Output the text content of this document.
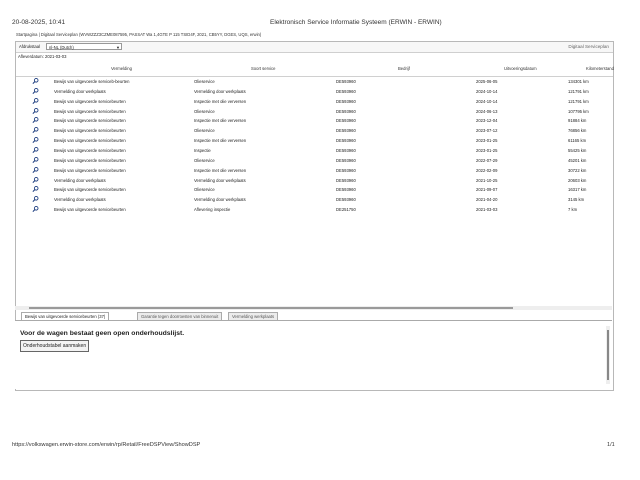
20-08-2025, 10:41	Elektronisch Service Informatie Systeem (ERWIN - ERWIN)
Startpagina | Digitaal Serviceplan (WVWZZZ3CZME087595, PASSAT Wa 1,4GTE P 115 TSID4F, 2021, CB5YY, DGES, UQS, erwin)
Afdrukstaal	nl-NL (Dutch)	▼	Digitaal Serviceplan
Afleverdatum: 2021-03-03
Vermelding	Soort service	Bedrijf	Uitvoeringsdatum	Kilometerstand
Bewijs van uitgevoerde serviceb-beurten	Olieservice	DE593960	2025-06-05	134301 km
Vermelding door werkplaats	Vermelding door werkplaats	DE593960	2024-10-14	121791 km
Bewijs van uitgevoerde servicebeurten	Inspectie met olie verversen	DE593960	2024-10-14	121791 km
Bewijs van uitgevoerde servicebeurten	Olieservice	DE593960	2024-06-13	107795 km
Bewijs van uitgevoerde servicebeurten	Inspectie met olie verversen	DE593960	2023-12-04	91884 km
Bewijs van uitgevoerde servicebeurten	Olieservice	DE593960	2023-07-12	76856 km
Bewijs van uitgevoerde servicebeurten	Inspectie met olie verversen	DE593960	2023-01-25	61165 km
Bewijs van uitgevoerde servicebeurten	Inspectie	DE593960	2023-01-25	55425 km
Bewijs van uitgevoerde servicebeurten	Olieservice	DE593960	2022-07-29	45201 km
Bewijs van uitgevoerde servicebeurten	Inspectie met olie verversen	DE593960	2022-02-09	30722 km
Vermelding door werkplaats	Vermelding door werkplaats	DE593960	2021-10-25	20603 km
Bewijs van uitgevoerde servicebeurten	Olieservice	DE593960	2021-09-07	16317 km
Vermelding door werkplaats	Vermelding door werkplaats	DE593960	2021-04-20	3145 km
Bewijs van uitgevoerde servicebeurten	Aflevering inspectie	DE251750	2021-03-03	7 km
Bewijs van uitgevoerde servicebeurten (37)	Garantie tegen doorroesten van binnenuit	Vermelding werkplaats
Voor de wagen bestaat geen open onderhoudslijst.
Onderhoudstabel aanmaken
https://volkswagen.erwin-store.com/erwin/rp/Retail/FreeDSPView/ShowDSP	1/1
